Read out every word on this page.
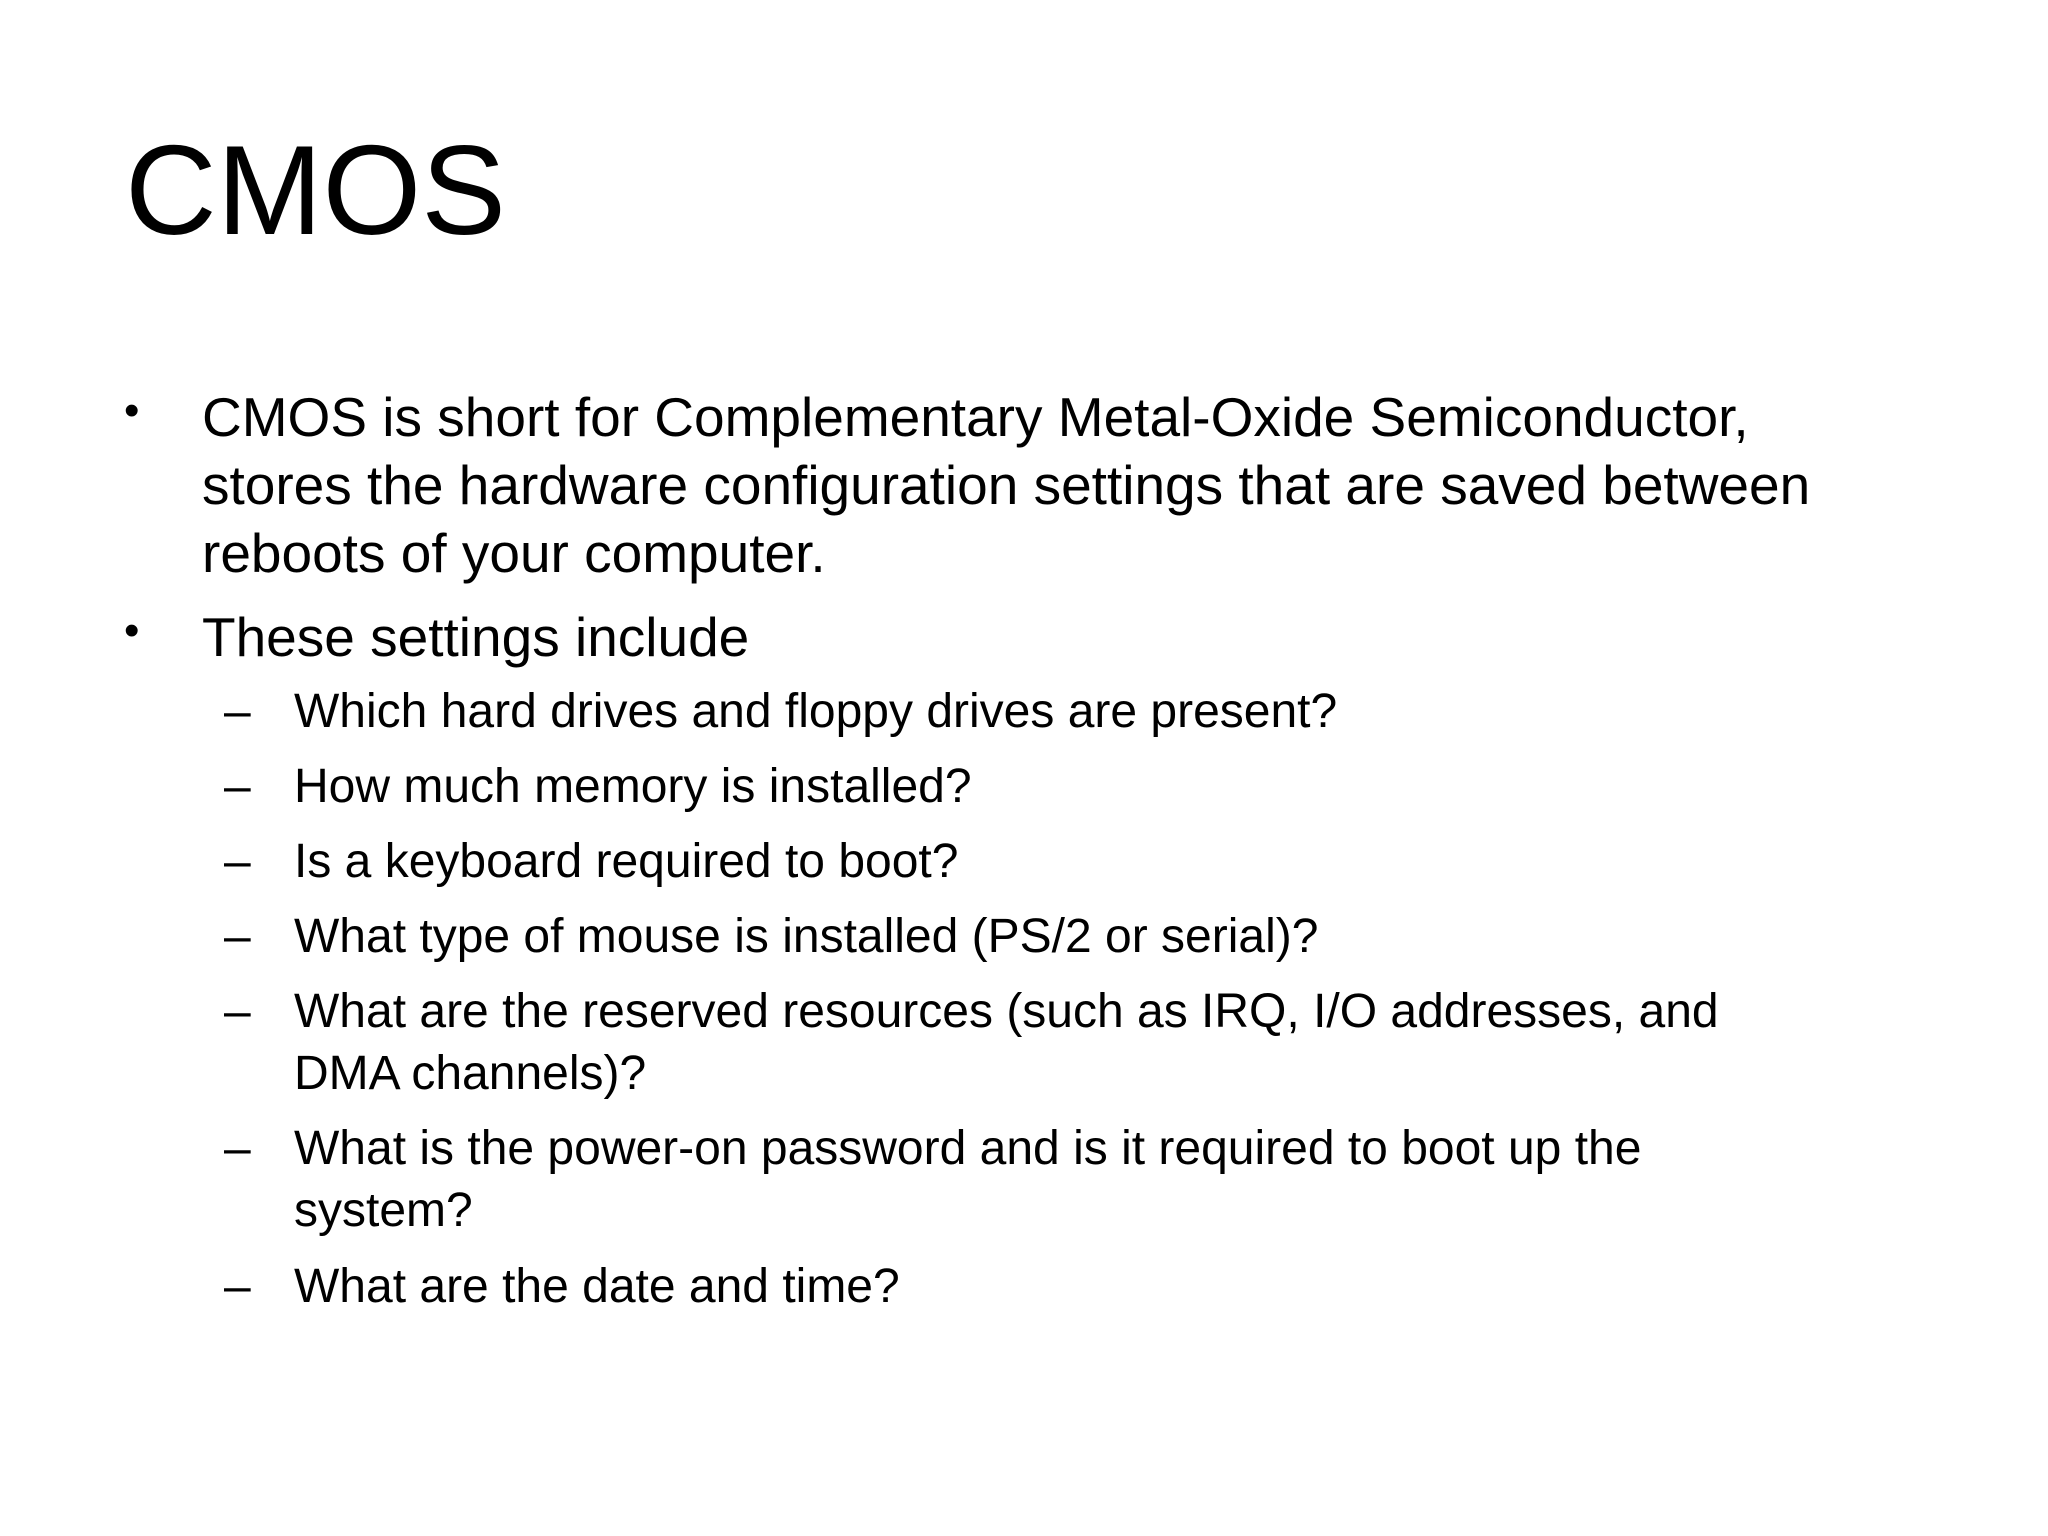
CMOS
• CMOS is short for Complementary Metal-Oxide Semiconductor,
stores the hardware configuration settings that are saved between
reboots of your computer.
• These settings include
– Which hard drives and floppy drives are present?
– How much memory is installed?
– Is a keyboard required to boot?
– What type of mouse is installed (PS/2 or serial)?
– What are the reserved resources (such as IRQ, I/O addresses, and
DMA channels)?
– What is the power-on password and is it required to boot up the
system?
– What are the date and time?
